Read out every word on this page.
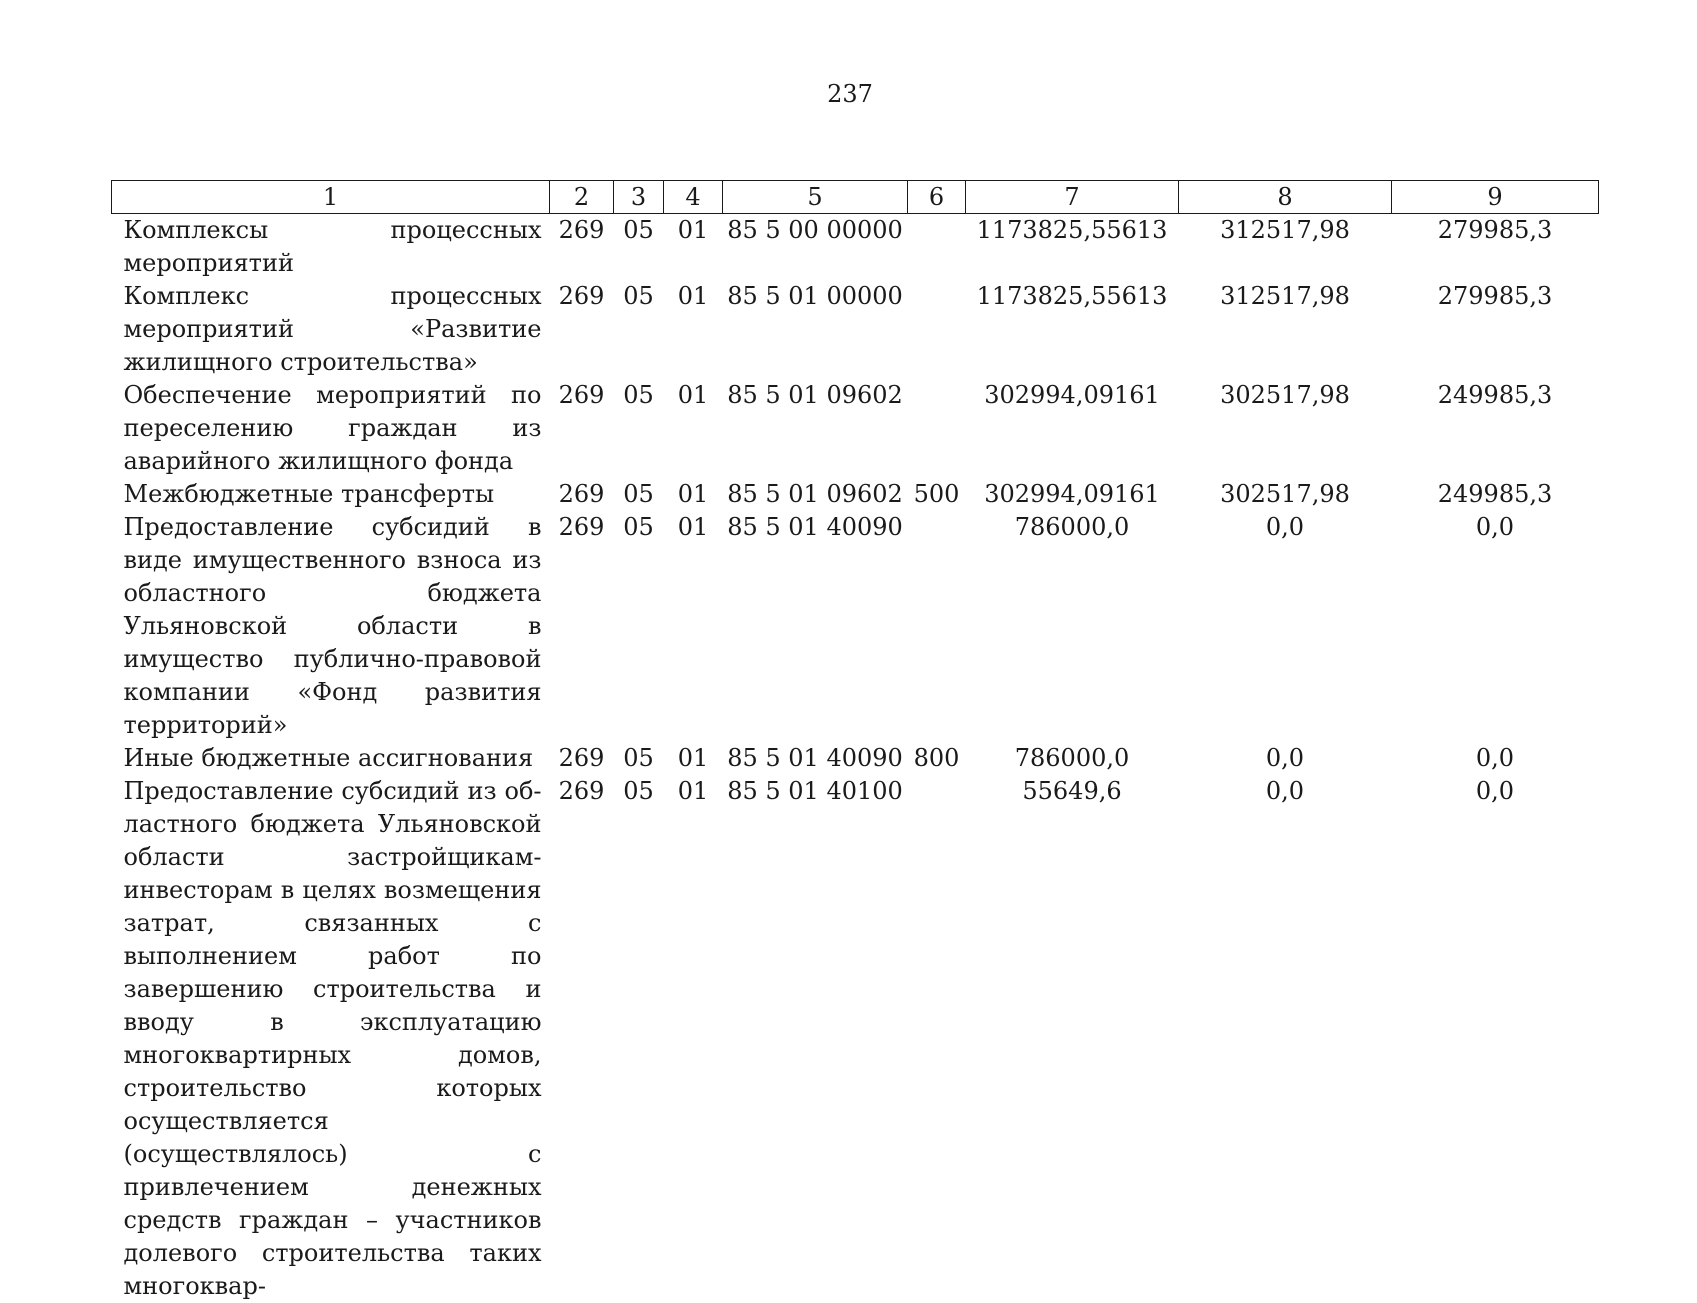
237
1	2	3	4	5	6	7	8	9
Комплексы процессных мероприятий	269	05	01	85 5 00 00000		1173825,55613	312517,98	279985,3
Комплекс процессных мероприятий «Развитие жилищного строительства»	269	05	01	85 5 01 00000		1173825,55613	312517,98	279985,3
Обеспечение мероприятий по переселению граждан из аварийного жилищного фонда	269	05	01	85 5 01 09602		302994,09161	302517,98	249985,3
Межбюджетные трансферты	269	05	01	85 5 01 09602	500	302994,09161	302517,98	249985,3
Предоставление субсидий в виде имущественного взноса из областного бюджета Ульяновской области в имущество публично-правовой компании «Фонд развития территорий»	269	05	01	85 5 01 40090		786000,0	0,0	0,0
Иные бюджетные ассигнования	269	05	01	85 5 01 40090	800	786000,0	0,0	0,0
Предоставление субсидий из областного бюджета Ульяновской области застройщикам-инвесторам в целях возмещения затрат, связанных с выполнением работ по завершению строительства и вводу в эксплуатацию многоквартирных домов, строительство которых осуществляется (осуществлялось) с привлечением денежных средств граждан – участников долевого строительства таких многоквар-	269	05	01	85 5 01 40100		55649,6	0,0	0,0
